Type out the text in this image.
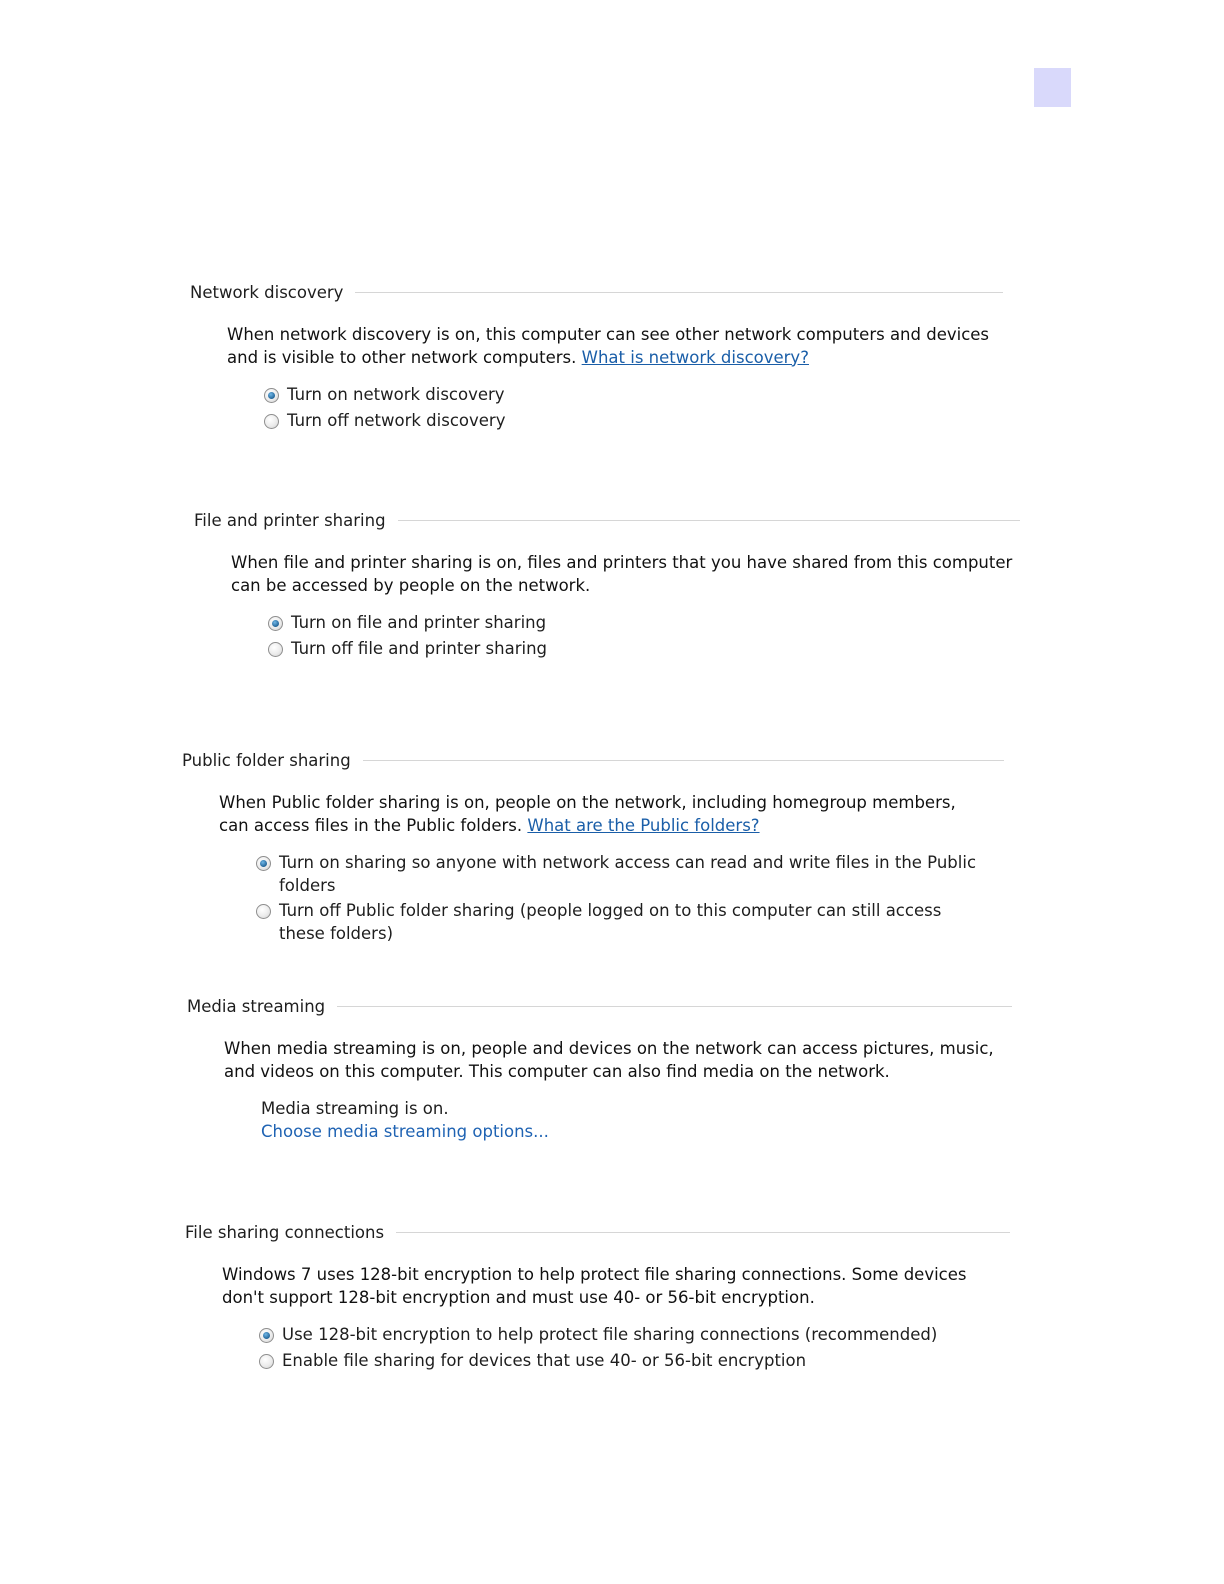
Network discovery
When network discovery is on, this computer can see other network computers and devices and is visible to other network computers. What is network discovery?
Turn on network discovery
Turn off network discovery
File and printer sharing
When file and printer sharing is on, files and printers that you have shared from this computer can be accessed by people on the network.
Turn on file and printer sharing
Turn off file and printer sharing
Public folder sharing
When Public folder sharing is on, people on the network, including homegroup members, can access files in the Public folders. What are the Public folders?
Turn on sharing so anyone with network access can read and write files in the Public folders
Turn off Public folder sharing (people logged on to this computer can still access these folders)
Media streaming
When media streaming is on, people and devices on the network can access pictures, music, and videos on this computer. This computer can also find media on the network.
Media streaming is on.
Choose media streaming options...
File sharing connections
Windows 7 uses 128-bit encryption to help protect file sharing connections. Some devices don't support 128-bit encryption and must use 40- or 56-bit encryption.
Use 128-bit encryption to help protect file sharing connections (recommended)
Enable file sharing for devices that use 40- or 56-bit encryption
